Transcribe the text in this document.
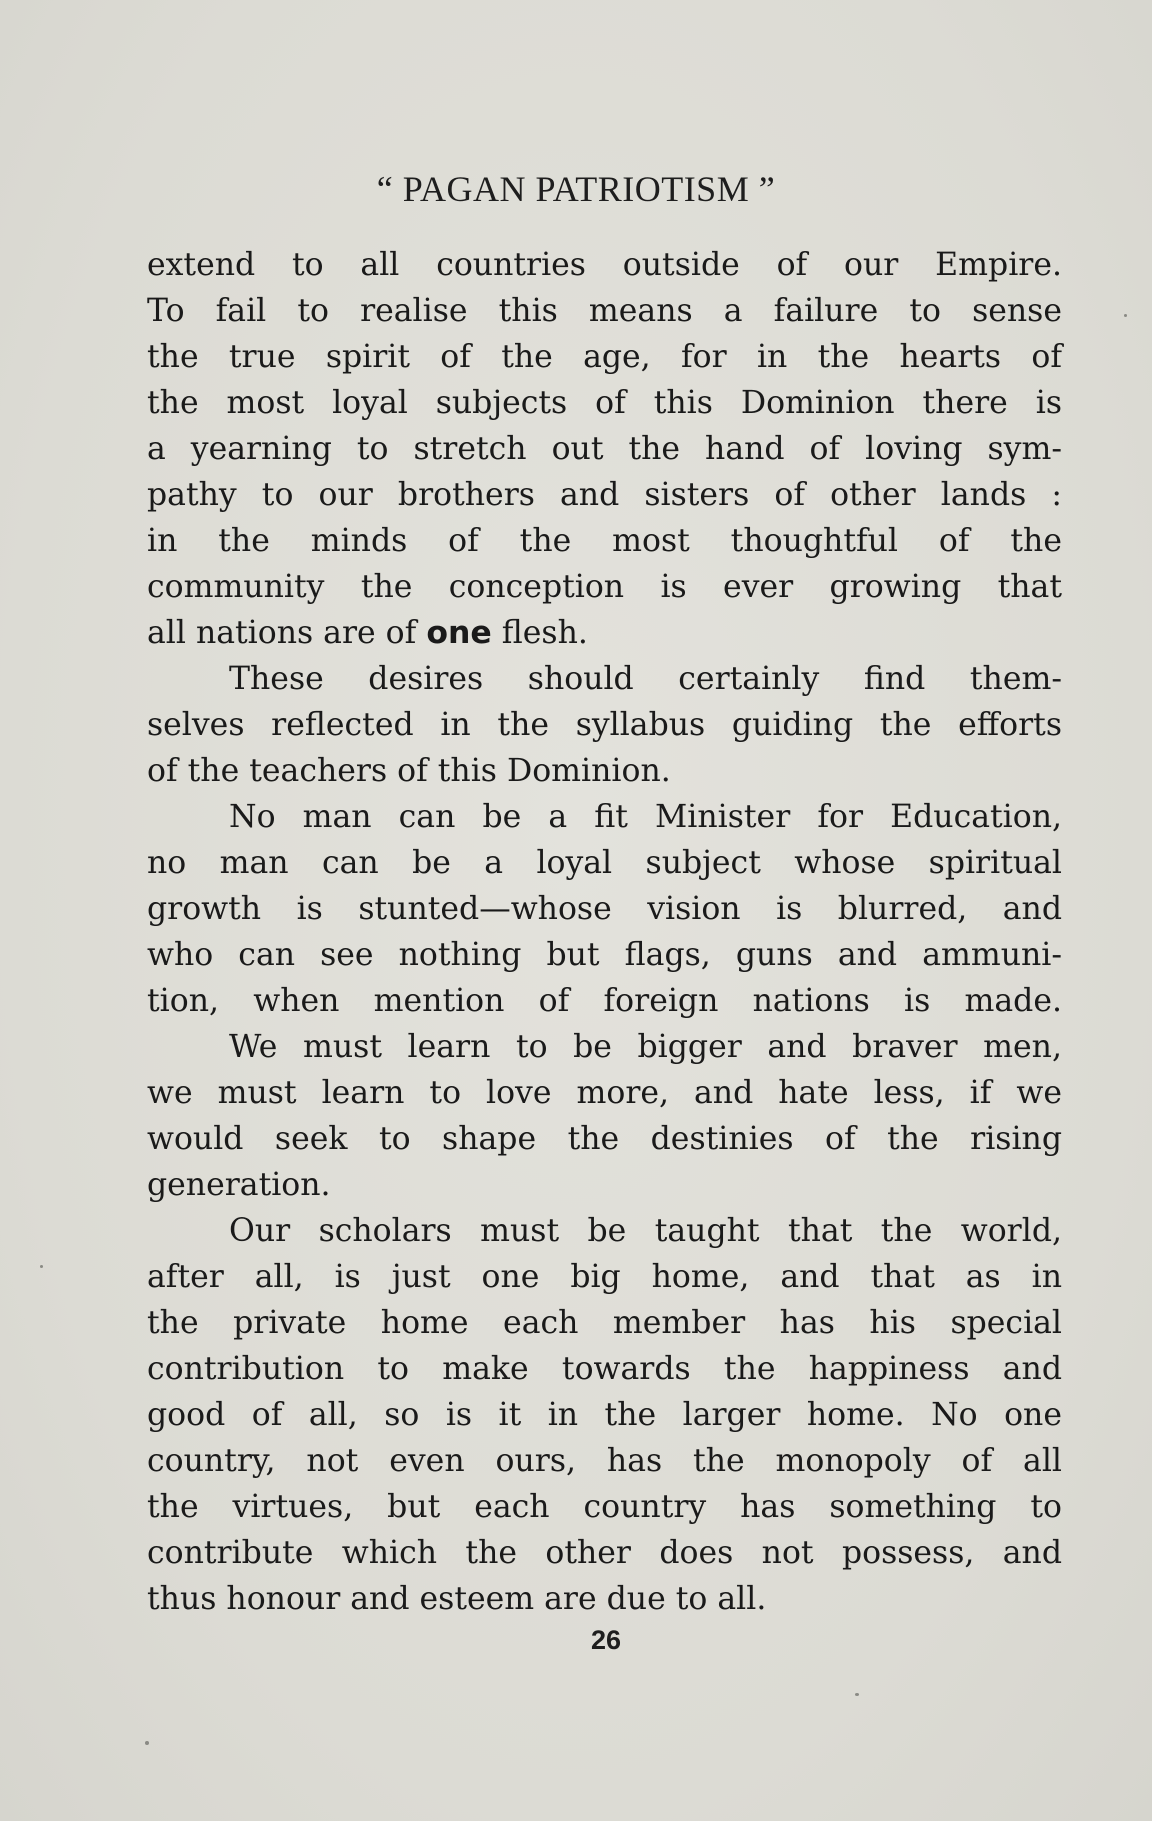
“ PAGAN PATRIOTISM ”
extend to all countries outside of our Empire.
To fail to realise this means a failure to sense
the true spirit of the age, for in the hearts of
the most loyal subjects of this Dominion there is
a yearning to stretch out the hand of loving sym-
pathy to our brothers and sisters of other lands :
in the minds of the most thoughtful of the
community the conception is ever growing that
all nations are of one flesh.
These desires should certainly find them-
selves reflected in the syllabus guiding the efforts
of the teachers of this Dominion.
No man can be a fit Minister for Education,
no man can be a loyal subject whose spiritual
growth is stunted—whose vision is blurred, and
who can see nothing but flags, guns and ammuni-
tion, when mention of foreign nations is made.
We must learn to be bigger and braver men,
we must learn to love more, and hate less, if we
would seek to shape the destinies of the rising
generation.
Our scholars must be taught that the world,
after all, is just one big home, and that as in
the private home each member has his special
contribution to make towards the happiness and
good of all, so is it in the larger home. No one
country, not even ours, has the monopoly of all
the virtues, but each country has something to
contribute which the other does not possess, and
thus honour and esteem are due to all.
26
